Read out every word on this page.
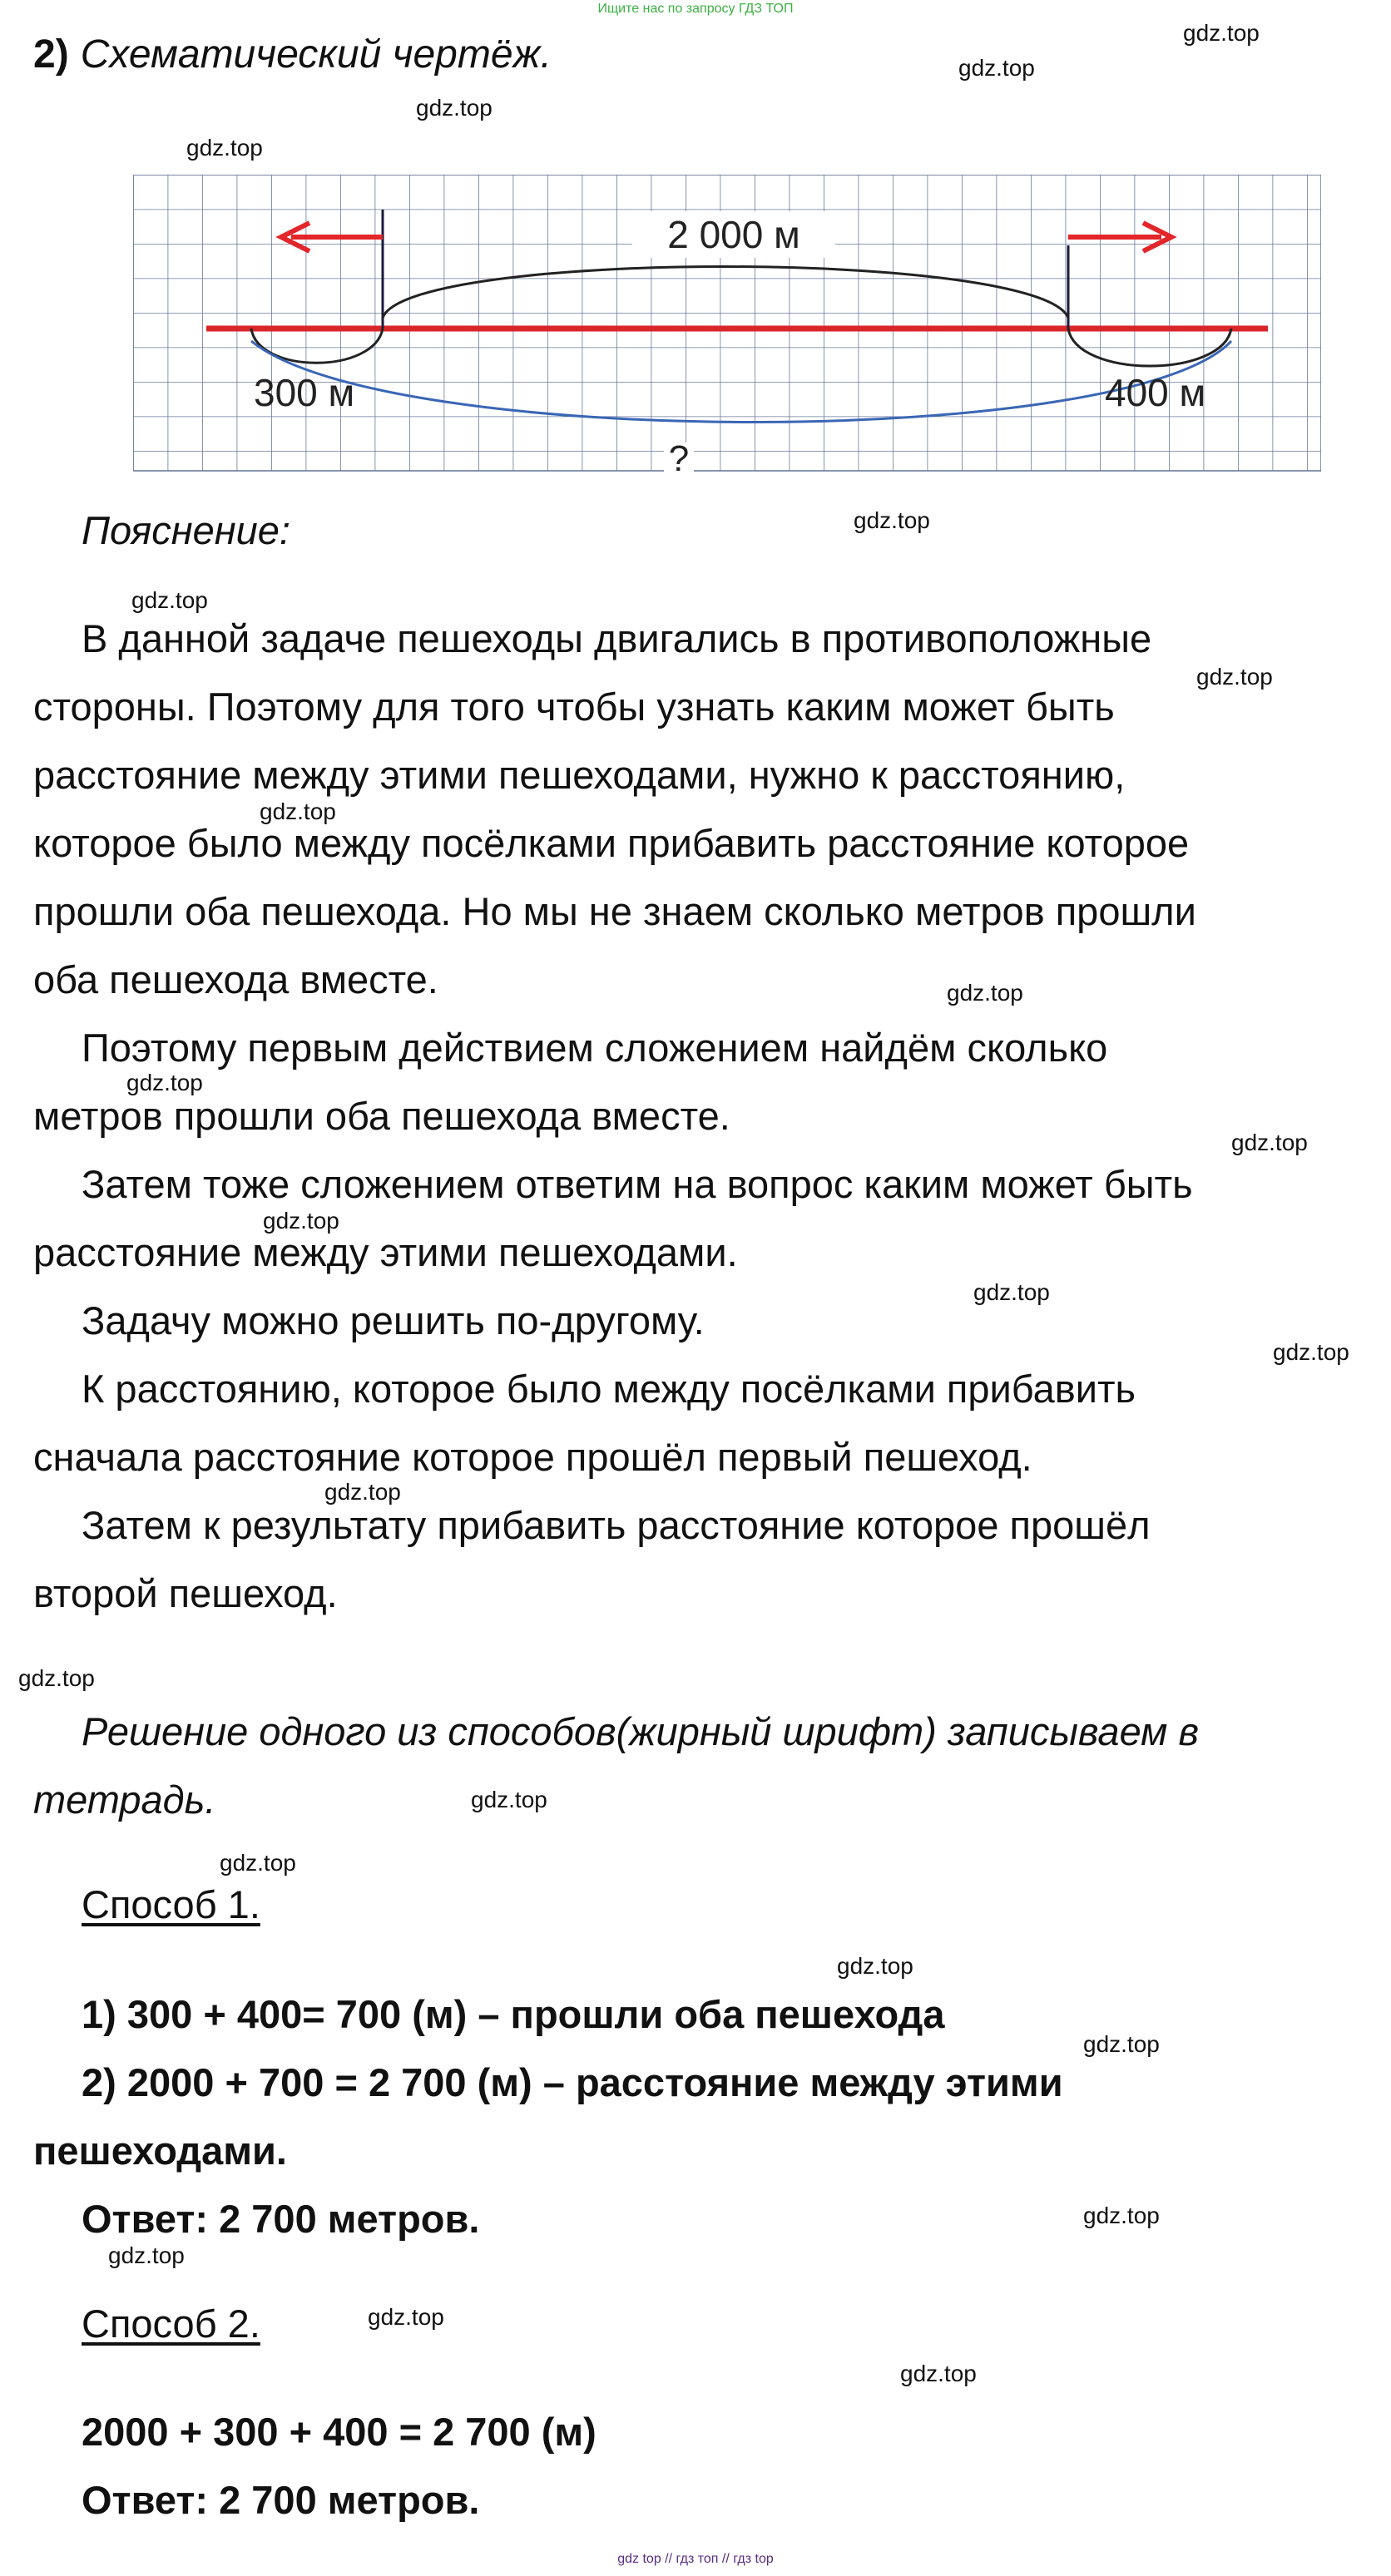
Ищите нас по запросу ГДЗ ТОП
gdz.top
gdz.top
gdz.top
gdz.top
gdz.top
gdz.top
gdz.top
gdz.top
gdz.top
gdz.top
gdz.top
gdz.top
gdz.top
gdz.top
gdz.top
gdz.top
gdz.top
gdz.top
gdz.top
gdz.top
gdz.top
gdz.top
gdz.top
gdz.top
2) Схематический чертёж.
2 000 м
300 м	400 м
?
Пояснение:
В данной задаче пешеходы двигались в противоположные
стороны. Поэтому для того чтобы узнать каким может быть
расстояние между этими пешеходами, нужно к расстоянию,
которое было между посёлками прибавить расстояние которое
прошли оба пешехода. Но мы не знаем сколько метров прошли
оба пешехода вместе.
Поэтому первым действием сложением найдём сколько
метров прошли оба пешехода вместе.
Затем тоже сложением ответим на вопрос каким может быть
расстояние между этими пешеходами.
Задачу можно решить по-другому.
К расстоянию, которое было между посёлками прибавить
сначала расстояние которое прошёл первый пешеход.
Затем к результату прибавить расстояние которое прошёл
второй пешеход.
Решение одного из способов(жирный шрифт) записываем в
тетрадь.
Способ 1.
1) 300 + 400= 700 (м) – прошли оба пешехода
2) 2000 + 700 = 2 700 (м) – расстояние между этими
пешеходами.
Ответ: 2 700 метров.
Способ 2.
2000 + 300 + 400 = 2 700 (м)
Ответ: 2 700 метров.
gdz top // гдз топ // гдз top
